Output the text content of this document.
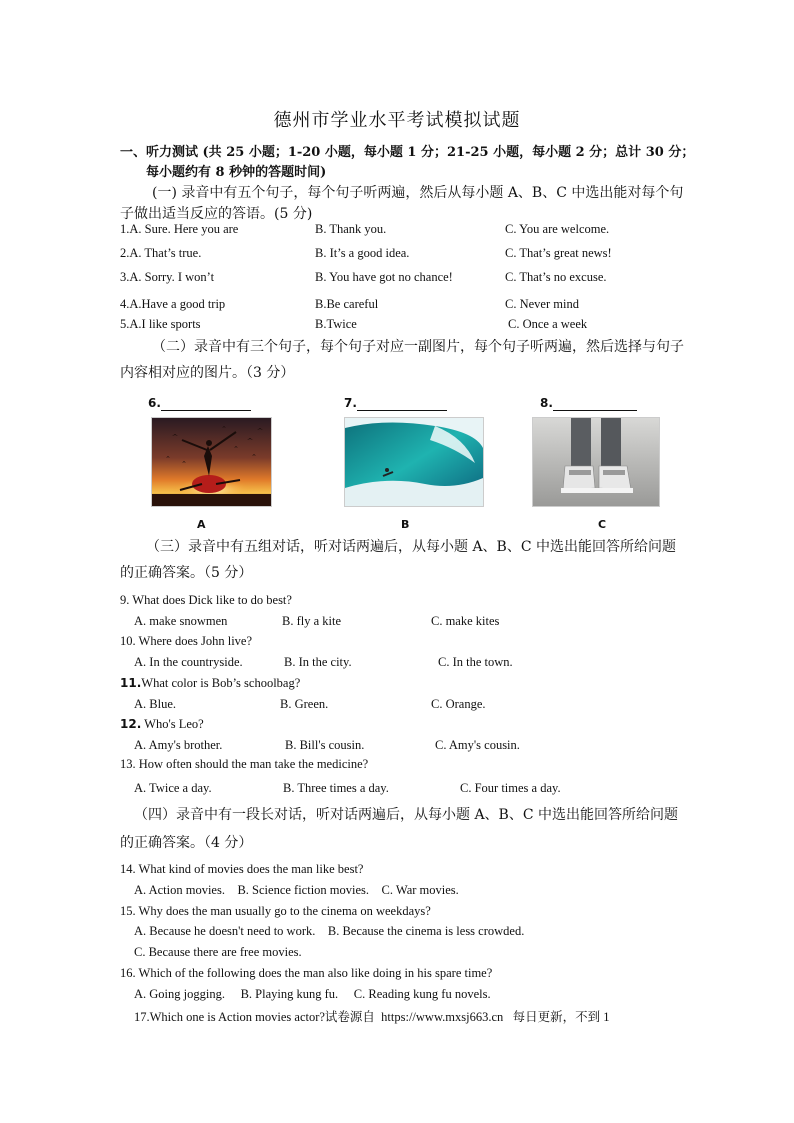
德州市学业水平考试模拟试题
一、听力测试 (共 25 小题；1-20 小题，每小题 1 分；21-25 小题，每小题 2 分；总计 30 分；
每小题约有 8 秒钟的答题时间)
(一) 录音中有五个句子，每个句子听两遍，然后从每小题 A、B、C 中选出能对每个句
子做出适当反应的答语。(5 分)
1.A. Sure. Here you are	B. Thank you.	C. You are welcome.
2.A. That’s true.	B. It’s a good idea.	C. That’s great news!
3.A. Sorry. I won’t	B. You have got no chance!	C. That’s no excuse.
4.A.Have a good trip	B.Be careful	C. Never mind
5.A.I like sports	B.Twice	C. Once a week
（二）录音中有三个句子，每个句子对应一副图片，每个句子听两遍，然后选择与句子
内容相对应的图片。（3 分）
6.	7.	8.
A	B	C
（三）录音中有五组对话，听对话两遍后，从每小题 A、B、C 中选出能回答所给问题
的正确答案。（5 分）
9. What does Dick like to do best?
A. make snowmen	B. fly a kite	C. make kites
10. Where does John live?
A. In the countryside.	B. In the city.	C. In the town.
11.What color is Bob’s schoolbag?
A. Blue.	B. Green.	C. Orange.
12. Who's Leo?
A. Amy's brother.	B. Bill's cousin.	C. Amy's cousin.
13. How often should the man take the medicine?
A. Twice a day.	B. Three times a day.	C. Four times a day.
（四）录音中有一段长对话，听对话两遍后，从每小题 A、B、C 中选出能回答所给问题
的正确答案。（4 分）
14. What kind of movies does the man like best?
A. Action movies.    B. Science fiction movies.    C. War movies.
15. Why does the man usually go to the cinema on weekdays?
A. Because he doesn't need to work.    B. Because the cinema is less crowded.
C. Because there are free movies.
16. Which of the following does the man also like doing in his spare time?
A. Going jogging.     B. Playing kung fu.     C. Reading kung fu novels.
17.Which one is Action movies actor?试卷源自  https://www.mxsj663.cn   每日更新，不到 1
